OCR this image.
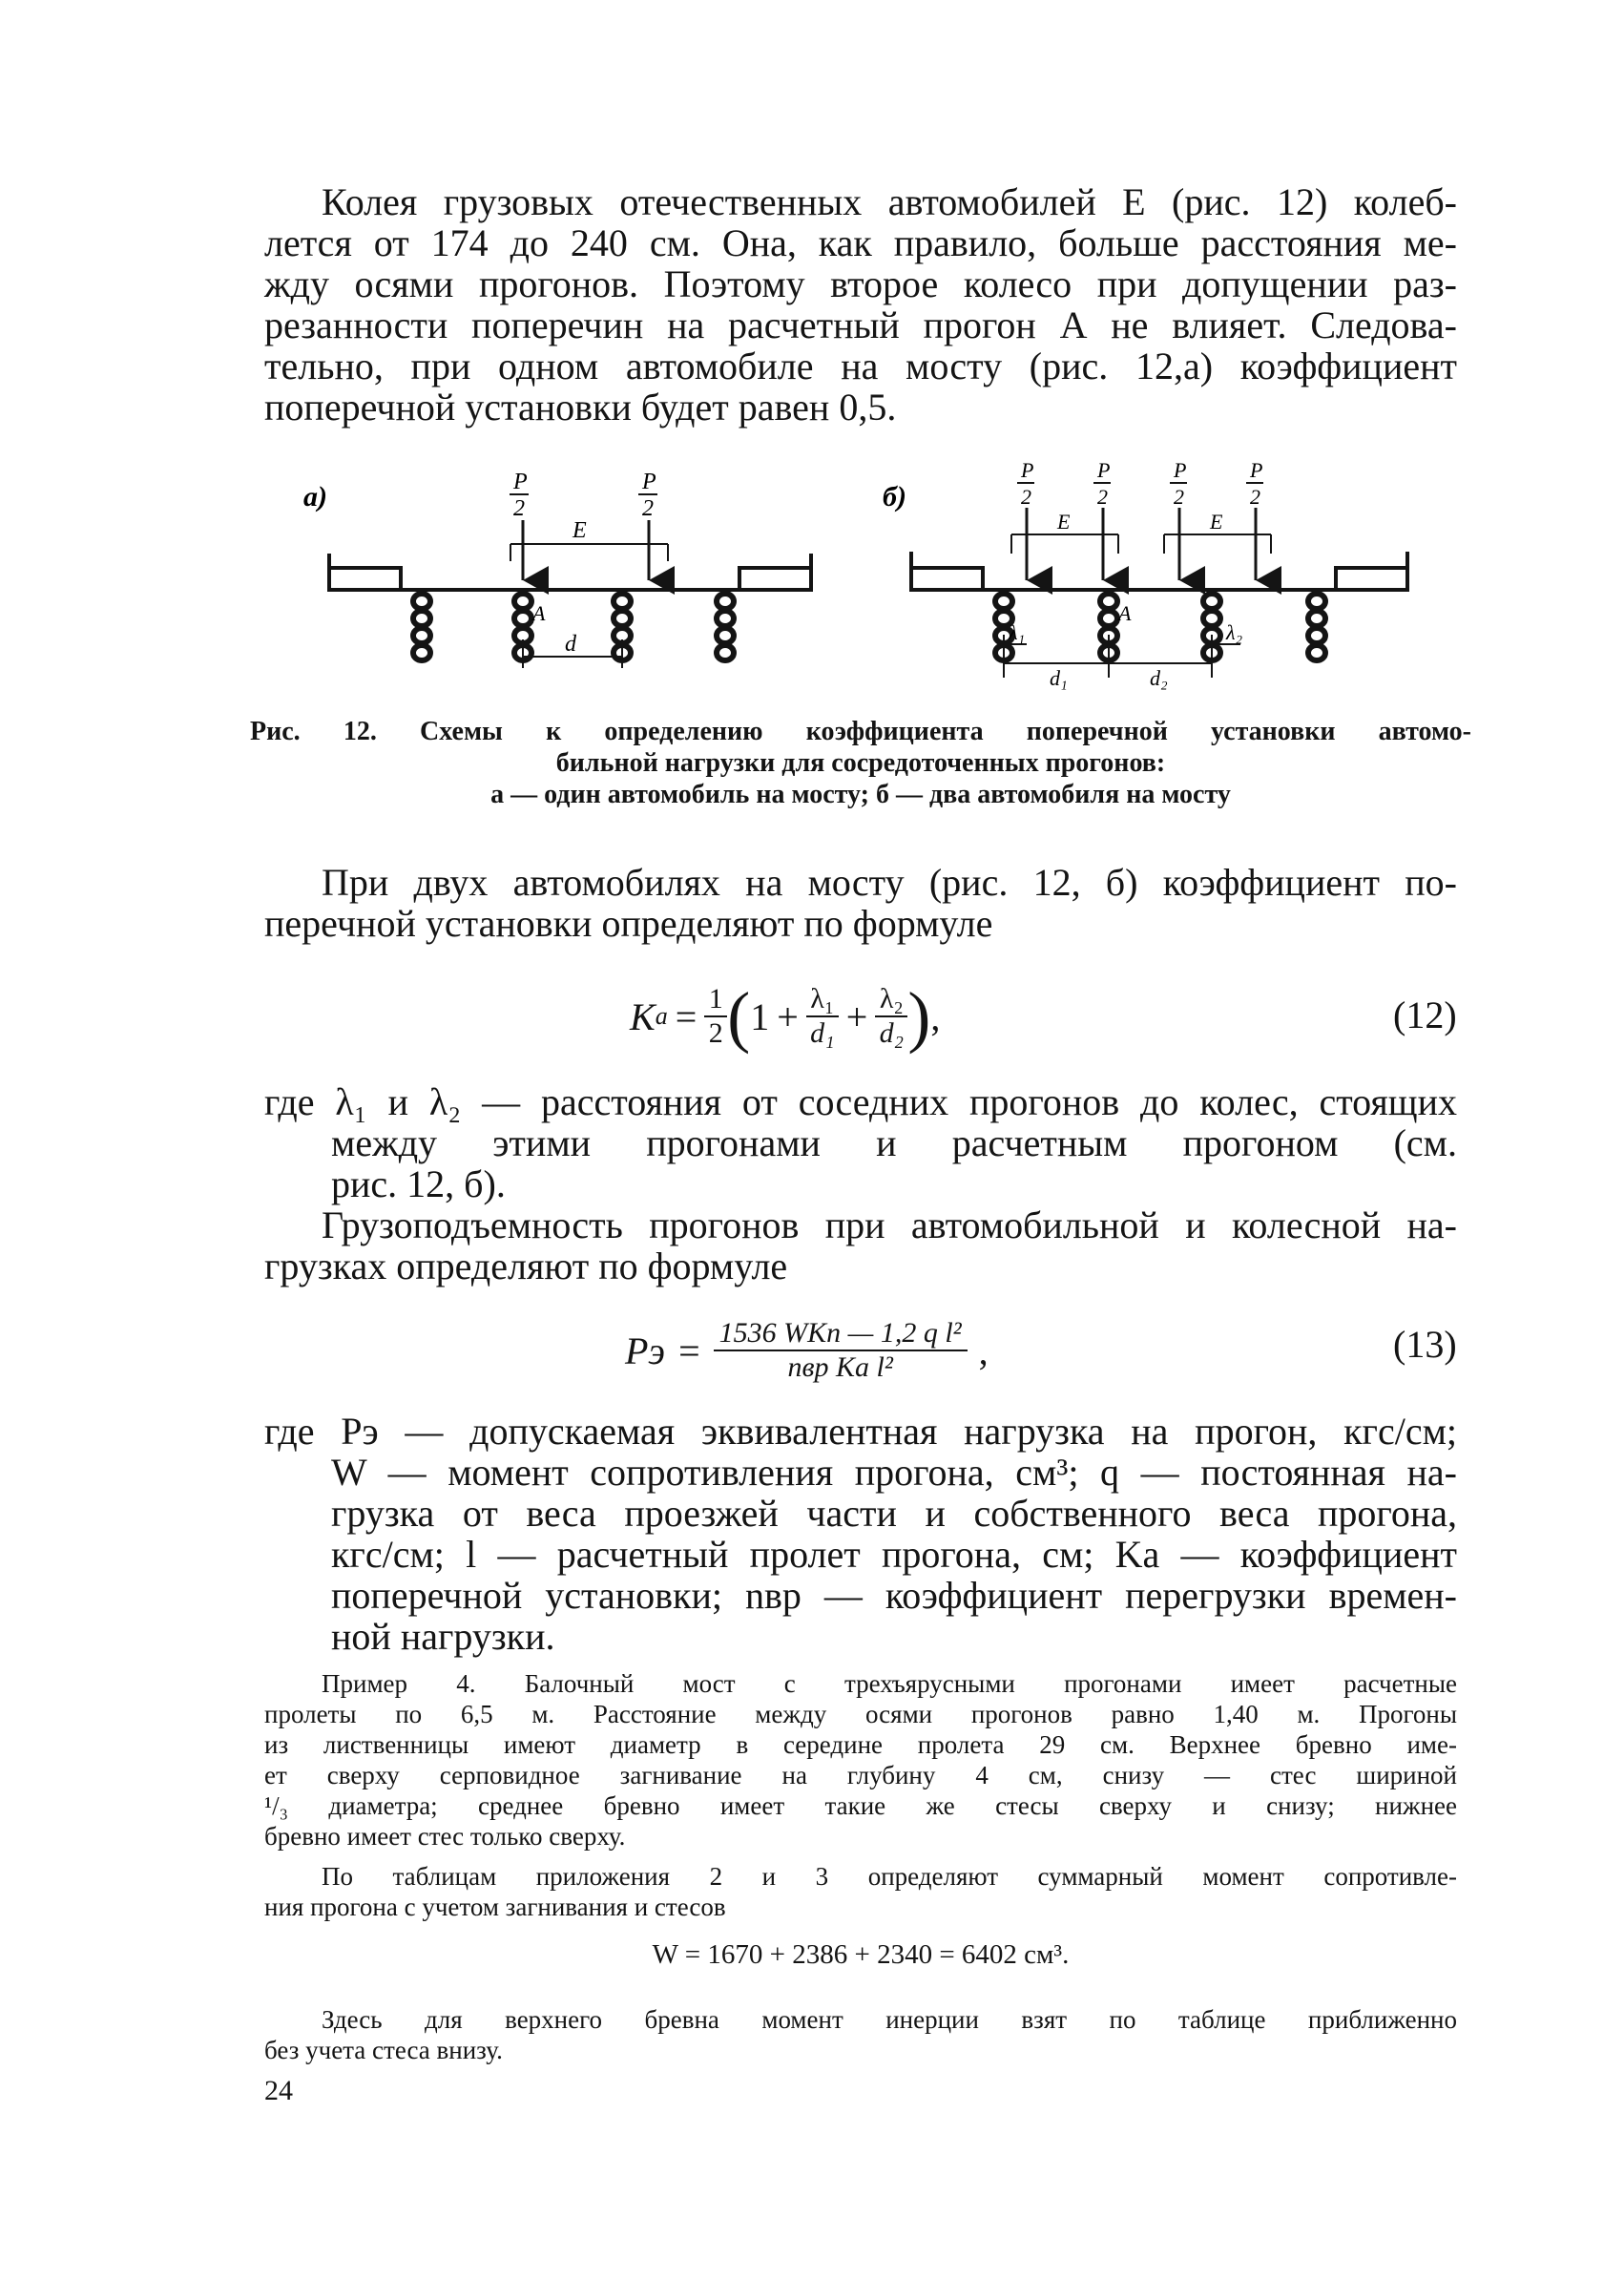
Колея грузовых отечественных автомобилей Е (рис. 12) колеб-
лется от 174 до 240 см. Она, как правило, больше расстояния ме-
жду осями прогонов. Поэтому второе колесо при допущении раз-
резанности поперечин на расчетный прогон А не влияет. Следова-
тельно, при одном автомобиле на мосту (рис. 12,а) коэффициент
поперечной установки будет равен 0,5.
а)
A
P
2
P
2
E
d
б)
A
P
2
P
2
P
2
P
2
E	E
λ₁
d₁	d₂
λ₂
Рис. 12. Схемы к определению коэффициента поперечной установки автомо-
бильной нагрузки для сосредоточенных прогонов:
а — один автомобиль на мосту; б — два автомобиля на мосту
При двух автомобилях на мосту (рис. 12, б) коэффициент по-
перечной установки определяют по формуле
K a = 1
2 ( 1 + λ₁
d₁ + λ₂
d₂ ) ,	(12)
где λ₁ и λ₂ — расстояния от соседних прогонов до колес, стоящих
между этими прогонами и расчетным прогоном (см.
рис. 12, б).
Грузоподъемность прогонов при автомобильной и колесной на-
грузках определяют по формуле
Pэ = 1536 WKп — 1,2 q l²
nвр Ka l² ,	(13)
где Pэ — допускаемая эквивалентная нагрузка на прогон, кгс/см;
W — момент сопротивления прогона, см³; q — постоянная на-
грузка от веса проезжей части и собственного веса прогона,
кгс/см; l — расчетный пролет прогона, см; Ka — коэффициент
поперечной установки; nвр — коэффициент перегрузки времен-
ной нагрузки.
Пример 4. Балочный мост с трехъярусными прогонами имеет расчетные
пролеты по 6,5 м. Расстояние между осями прогонов равно 1,40 м. Прогоны
из лиственницы имеют диаметр в середине пролета 29 см. Верхнее бревно име-
ет сверху серповидное загнивание на глубину 4 см, снизу — стес шириной
¹/₃ диаметра; среднее бревно имеет такие же стесы сверху и снизу; нижнее
бревно имеет стес только сверху.
По таблицам приложения 2 и 3 определяют суммарный момент сопротивле-
ния прогона с учетом загнивания и стесов
W = 1670 + 2386 + 2340 = 6402 см³.
Здесь для верхнего бревна момент инерции взят по таблице приближенно
без учета стеса внизу.
24
